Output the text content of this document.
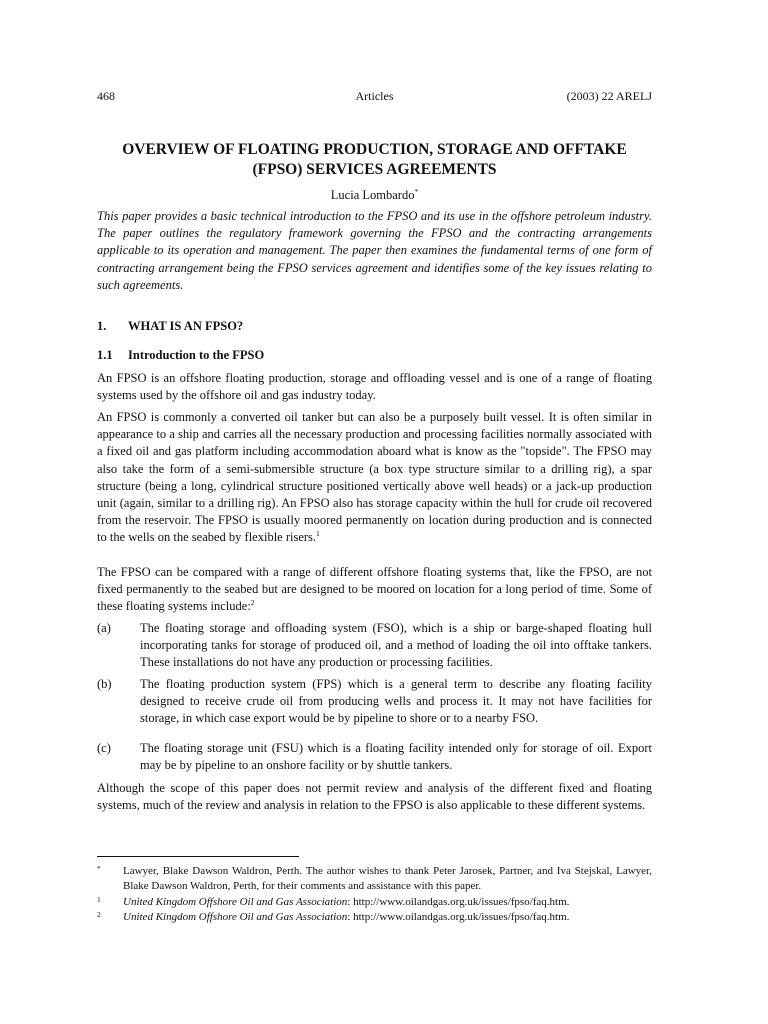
468	Articles	(2003) 22 ARELJ
OVERVIEW OF FLOATING PRODUCTION, STORAGE AND OFFTAKE (FPSO) SERVICES AGREEMENTS
Lucia Lombardo*

This paper provides a basic technical introduction to the FPSO and its use in the offshore petroleum industry. The paper outlines the regulatory framework governing the FPSO and the contracting arrangements applicable to its operation and management. The paper then examines the fundamental terms of one form of contracting arrangement being the FPSO services agreement and identifies some of the key issues relating to such agreements.

1. WHAT IS AN FPSO?
1.1 Introduction to the FPSO

An FPSO is an offshore floating production, storage and offloading vessel and is one of a range of floating systems used by the offshore oil and gas industry today.

An FPSO is commonly a converted oil tanker but can also be a purposely built vessel. It is often similar in appearance to a ship and carries all the necessary production and processing facilities normally associated with a fixed oil and gas platform including accommodation aboard what is know as the "topside". The FPSO may also take the form of a semi-submersible structure (a box type structure similar to a drilling rig), a spar structure (being a long, cylindrical structure positioned vertically above well heads) or a jack-up production unit (again, similar to a drilling rig). An FPSO also has storage capacity within the hull for crude oil recovered from the reservoir. The FPSO is usually moored permanently on location during production and is connected to the wells on the seabed by flexible risers.$^1$

The FPSO can be compared with a range of different offshore floating systems that, like the FPSO, are not fixed permanently to the seabed but are designed to be moored on location for a long period of time. Some of these floating systems include:$^2$

(a) The floating storage and offloading system (FSO), which is a ship or barge-shaped floating hull incorporating tanks for storage of produced oil, and a method of loading the oil into offtake tankers. These installations do not have any production or processing facilities.
(b) The floating production system (FPS) which is a general term to describe any floating facility designed to receive crude oil from producing wells and process it. It may not have facilities for storage, in which case export would be by pipeline to shore or to a nearby FSO.
(c) The floating storage unit (FSU) which is a floating facility intended only for storage of oil. Export may be by pipeline to an onshore facility or by shuttle tankers.

Although the scope of this paper does not permit review and analysis of the different fixed and floating systems, much of the review and analysis in relation to the FPSO is also applicable to these different systems.

* Lawyer, Blake Dawson Waldron, Perth. The author wishes to thank Peter Jarosek, Partner, and Iva Stejskal, Lawyer, Blake Dawson Waldron, Perth, for their comments and assistance with this paper.
1 United Kingdom Offshore Oil and Gas Association: http://www.oilandgas.org.uk/issues/fpso/faq.htm.
2 United Kingdom Offshore Oil and Gas Association: http://www.oilandgas.org.uk/issues/fpso/faq.htm.
